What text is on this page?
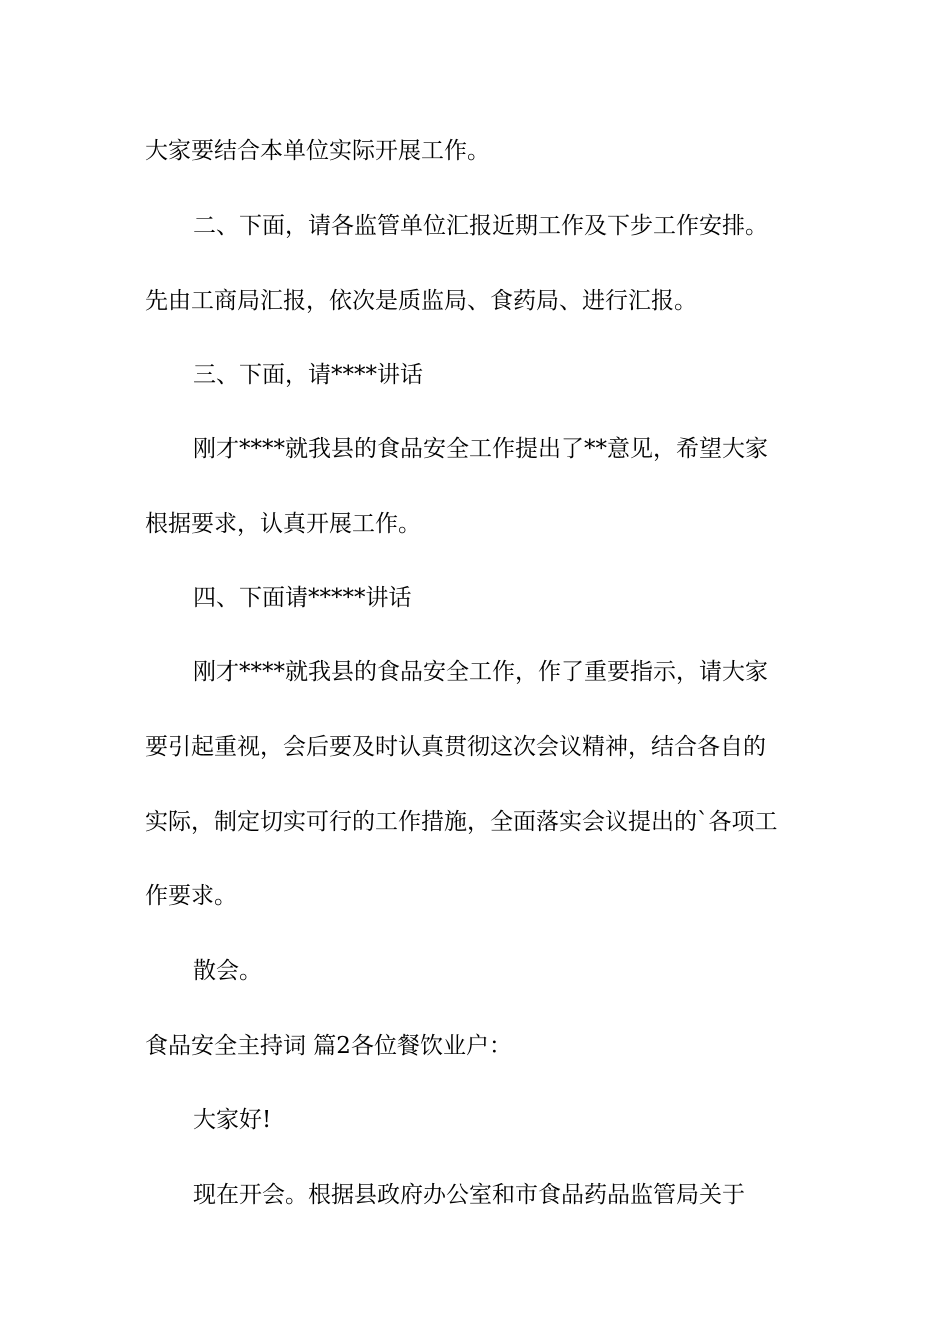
大家要结合本单位实际开展工作。

二、下面，请各监管单位汇报近期工作及下步工作安排。

先由工商局汇报，依次是质监局、食药局、进行汇报。

三、下面，请****讲话

刚才****就我县的食品安全工作提出了**意见，希望大家

根据要求，认真开展工作。

四、下面请*****讲话

刚才****就我县的食品安全工作，作了重要指示，请大家

要引起重视，会后要及时认真贯彻这次会议精神，结合各自的

实际，制定切实可行的工作措施，全面落实会议提出的`各项工

作要求。

散会。

食品安全主持词 篇2各位餐饮业户：

大家好!

现在开会。根据县政府办公室和市食品药品监管局关于
